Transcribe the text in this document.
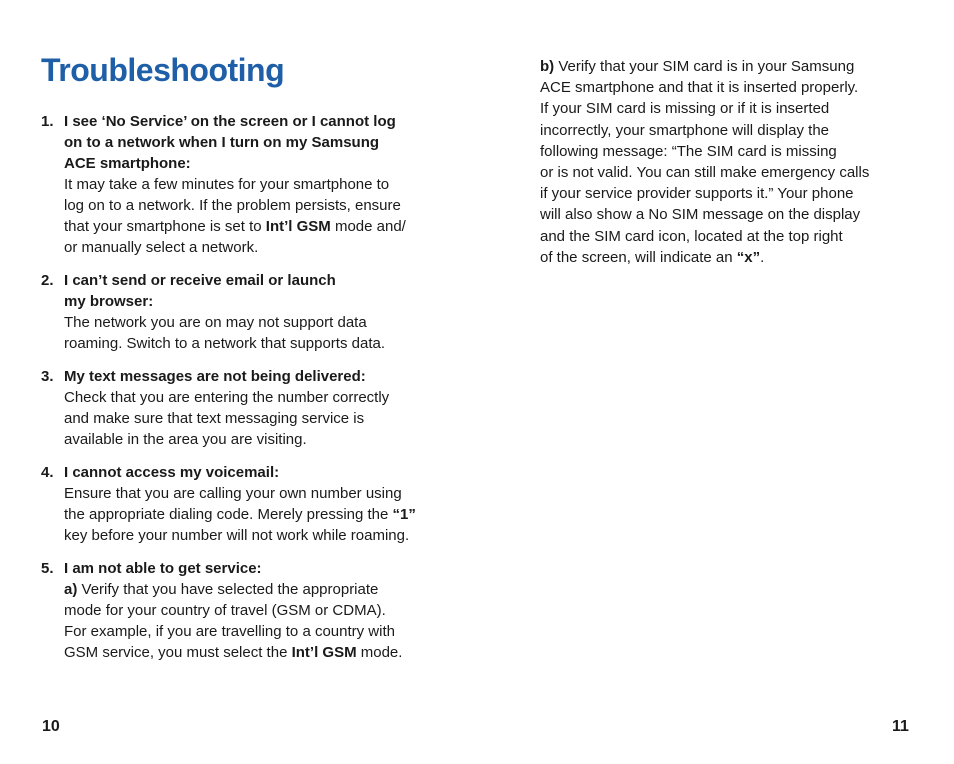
Troubleshooting
1. I see ‘No Service’ on the screen or I cannot log
on to a network when I turn on my Samsung
ACE smartphone:
It may take a few minutes for your smartphone to
log on to a network. If the problem persists, ensure
that your smartphone is set to Int’l GSM mode and/
or manually select a network.
2. I can’t send or receive email or launch
my browser:
The network you are on may not support data
roaming. Switch to a network that supports data.
3. My text messages are not being delivered:
Check that you are entering the number correctly
and make sure that text messaging service is
available in the area you are visiting.
4. I cannot access my voicemail:
Ensure that you are calling your own number using
the appropriate dialing code. Merely pressing the “1”
key before your number will not work while roaming.
5. I am not able to get service:
a) Verify that you have selected the appropriate
mode for your country of travel (GSM or CDMA).
For example, if you are travelling to a country with
GSM service, you must select the Int’l GSM mode.
b) Verify that your SIM card is in your Samsung
ACE smartphone and that it is inserted properly.
If your SIM card is missing or if it is inserted
incorrectly, your smartphone will display the
following message: “The SIM card is missing
or is not valid. You can still make emergency calls
if your service provider supports it.” Your phone
will also show a No SIM message on the display
and the SIM card icon, located at the top right
of the screen, will indicate an “x”.
10	11
